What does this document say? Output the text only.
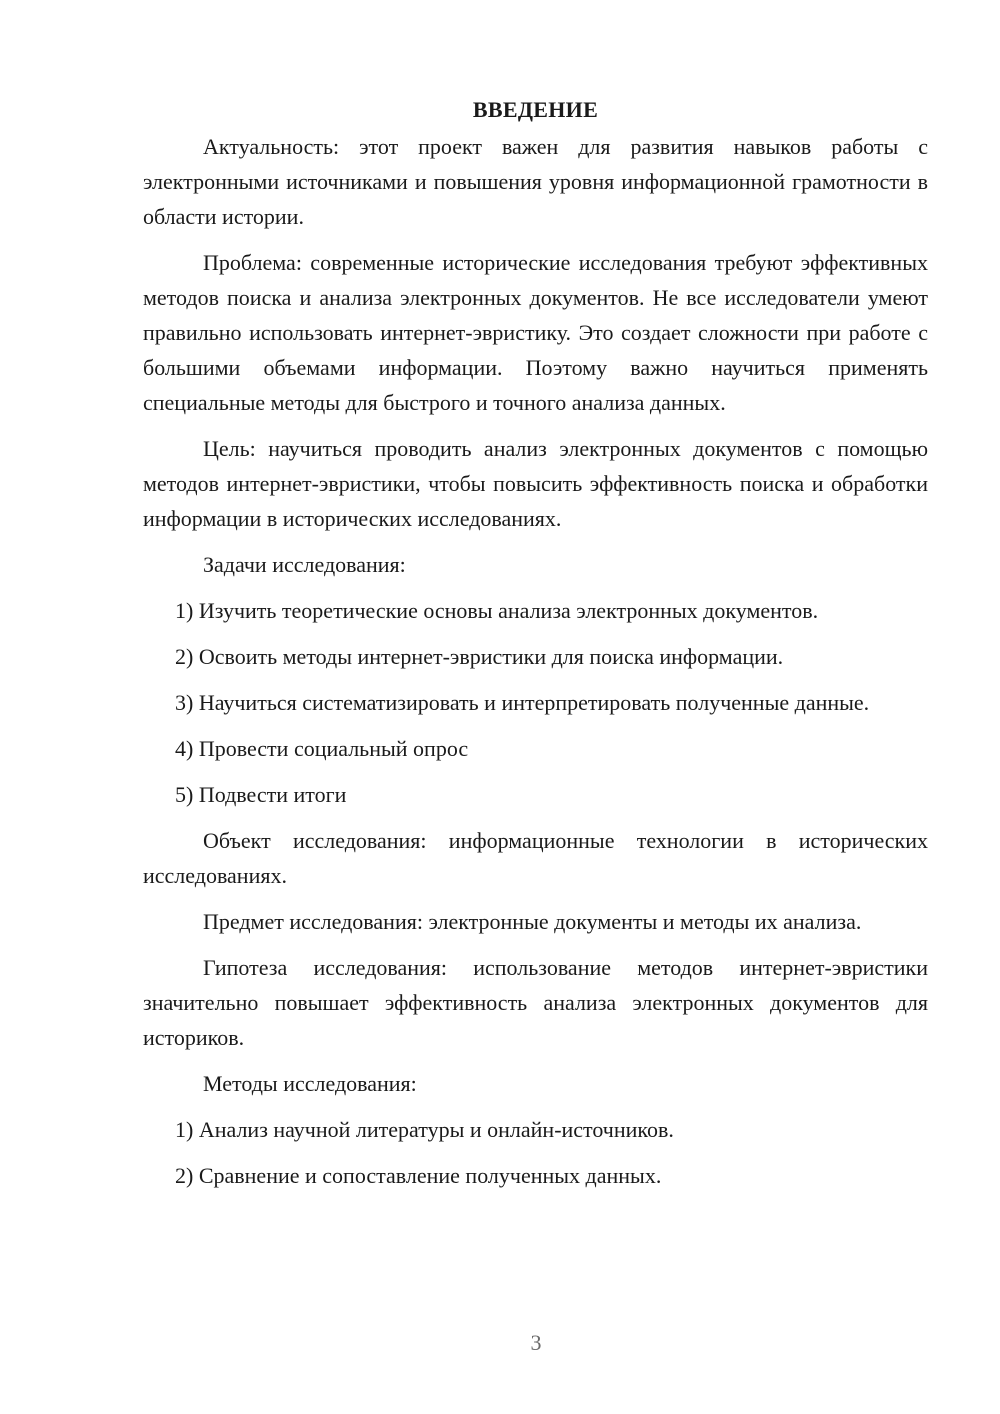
ВВЕДЕНИЕ

Актуальность: этот проект важен для развития навыков работы с электронными источниками и повышения уровня информационной грамотности в области истории.

Проблема: современные исторические исследования требуют эффективных методов поиска и анализа электронных документов. Не все исследователи умеют правильно использовать интернет-эвристику. Это создает сложности при работе с большими объемами информации. Поэтому важно научиться применять специальные методы для быстрого и точного анализа данных.

Цель: научиться проводить анализ электронных документов с помощью методов интернет-эвристики, чтобы повысить эффективность поиска и обработки информации в исторических исследованиях.

Задачи исследования:

1) Изучить теоретические основы анализа электронных документов.

2) Освоить методы интернет-эвристики для поиска информации.

3) Научиться систематизировать и интерпретировать полученные данные.

4) Провести социальный опрос

5) Подвести итоги

Объект исследования: информационные технологии в исторических исследованиях.

Предмет исследования: электронные документы и методы их анализа.

Гипотеза исследования: использование методов интернет-эвристики значительно повышает эффективность анализа электронных документов для историков.

Методы исследования:

1) Анализ научной литературы и онлайн-источников.

2) Сравнение и сопоставление полученных данных.

3
